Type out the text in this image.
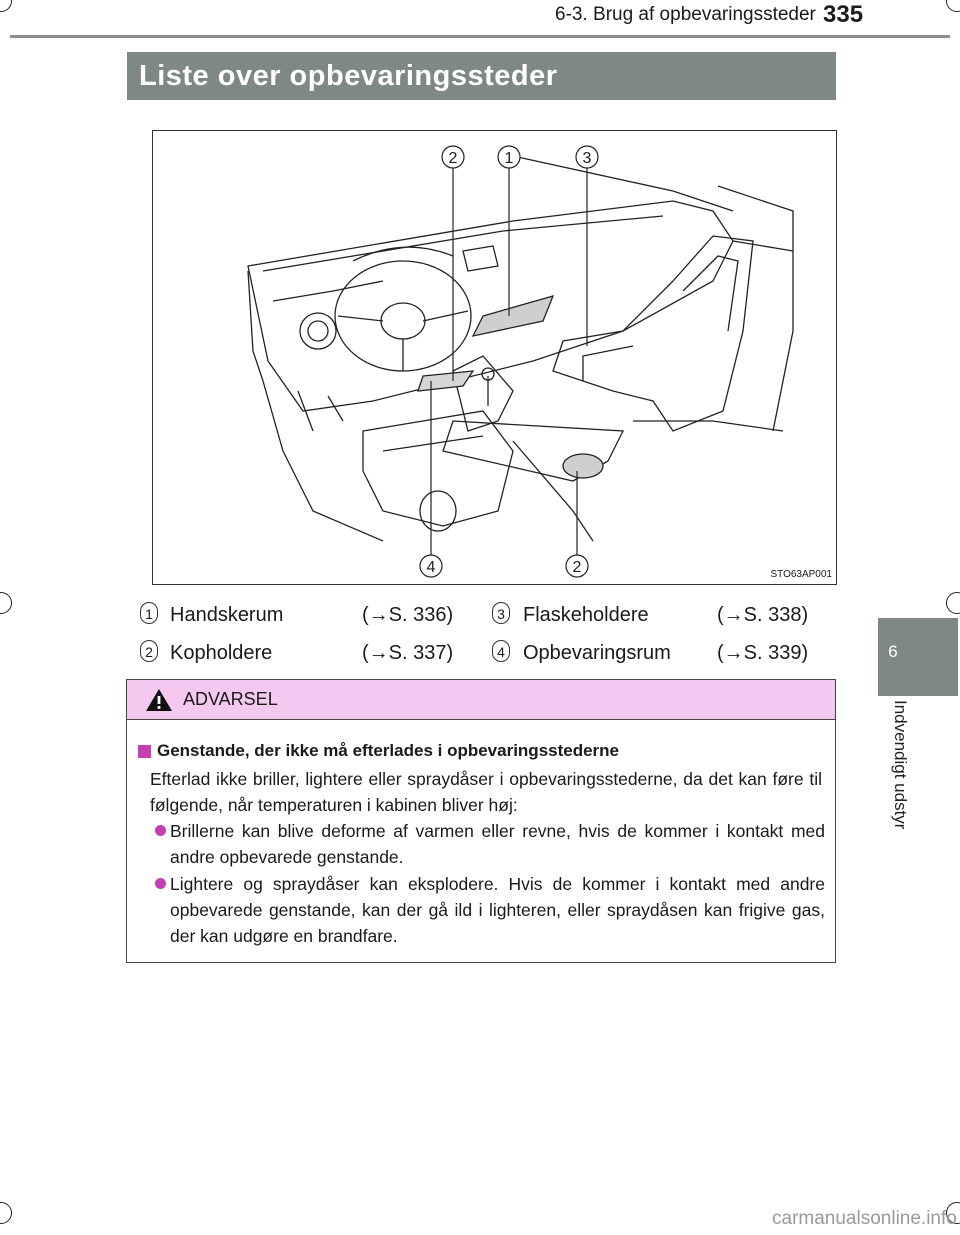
6-3. Brug af opbevaringssteder 335
Liste over opbevaringssteder
6
Indvendigt udstyr
2	1	3
4	2	STO63AP001
1 Handskerum	(→S. 336)	3 Flaskeholdere	(→S. 338)
2 Kopholdere	(→S. 337)	4 Opbevaringsrum (→S. 339)
ADVARSEL
Genstande, der ikke må efterlades i opbevaringsstederne
Efterlad ikke briller, lightere eller spraydåser i opbevaringsstederne, da det kan føre til følgende, når temperaturen i kabinen bliver høj:
Brillerne kan blive deforme af varmen eller revne, hvis de kommer i kontakt med andre opbevarede genstande.
Lightere og spraydåser kan eksplodere. Hvis de kommer i kontakt med andre opbevarede genstande, kan der gå ild i lighteren, eller spraydåsen kan frigive gas, der kan udgøre en brandfare.
carmanualsonline.info
